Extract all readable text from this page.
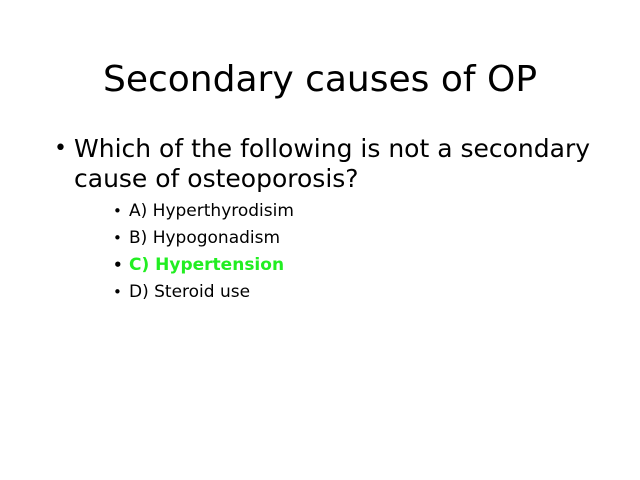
Secondary causes of OP
• Which of the following is not a secondary cause of osteoporosis?
• A) Hyperthyrodisim
• B) Hypogonadism
• C) Hypertension
• D) Steroid use
